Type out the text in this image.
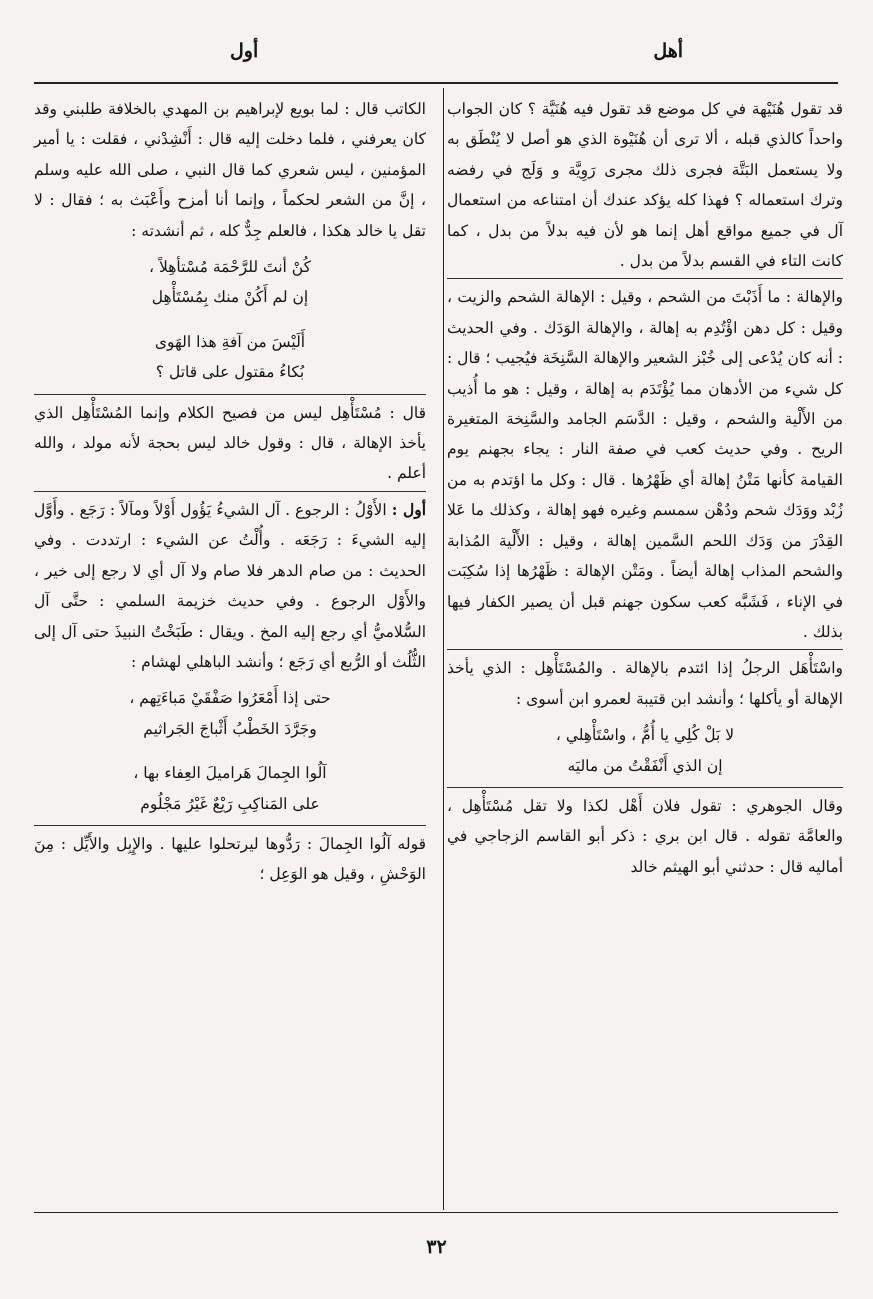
أهل
أول

قد تقول هُنَيْهة في كل موضع قد تقول فيه هُنَيَّة ؟ كان الجواب واحداً كالذي قبله ، ألا ترى أن هُنَيْوة الذي هو أصل لا يُنْطَق به ولا يستعمل البَتَّة فجرى ذلك مجرى رَوِيَّة و وَلَج في رفضه وترك استعماله ؟ فهذا كله يؤكد عندك أن امتناعه من استعمال آل في جميع مواقع أهل إنما هو لأن فيه بدلاً من بدل ، كما كانت التاء في القسم بدلاً من بدل .

والإهالة : ما أَذَبْتَ من الشحم ، وقيل : الإهالة الشحم والزيت ، وقيل : كل دهن اؤْتُدِم به إهالة ، والإهالة الوَدَك . وفي الحديث : أنه كان يُدْعى إلى خُبْز الشعير والإهالة السَّنِخَة فيُجيب ؛ قال : كل شيء من الأدهان مما يُؤْتَدَم به إهالة ، وقيل : هو ما أُذيب من الأَلْية والشحم ، وقيل : الدَّسَم الجامد والسَّنِخة المتغيرة الريح . وفي حديث كعب في صفة النار : يجاء بجهنم يوم القيامة كأنها مَتْنُ إهالة أي ظَهْرُها . قال : وكل ما اؤتدم به من زُبْد ووَدَك شحم ودُهْن سمسم وغيره فهو إهالة ، وكذلك ما عَلا القِدْرَ من وَدَك اللحم السَّمين إهالة ، وقيل : الأَلْية المُذابة والشحم المذاب إهالة أيضاً . ومَتْن الإهالة : ظَهْرُها إذا سُكِبَت في الإناء ، فَشَبَّه كعب سكون جهنم قبل أن يصير الكفار فيها بذلك .

واسْتَأْهَل الرجلُ إذا ائتدم بالإهالة . والمُسْتَأْهِل : الذي يأخذ الإهالة أو يأكلها ؛ وأنشد ابن قتيبة لعمرو ابن أسوى :

لا بَلْ كُلِي يا أُمُّ ، واسْتَأْهِلي ،
إن الذي أَنْفَقْتُ من ماليَه

وقال الجوهري : تقول فلان أَهْل لكذا ولا تقل مُسْتَأْهِل ، والعامَّة تقوله . قال ابن بري : ذكر أبو القاسم الزجاجي في أماليه قال : حدثني أبو الهيثم خالد

الكاتب قال : لما بويع لإبراهيم بن المهدي بالخلافة طلبني وقد كان يعرفني ، فلما دخلت إليه قال : أَنْشِدْني ، فقلت : يا أمير المؤمنين ، ليس شعري كما قال النبي ، صلى الله عليه وسلم ، إنَّ من الشعر لحكماً ، وإنما أنا أمزح وأَعْبَث به ؛ فقال : لا تقل يا خالد هكذا ، فالعلم جِدٌّ كله ، ثم أنشدته :

كُنْ أنتَ للرَّحْمَة مُسْتأهِلاً ،
إن لم أَكُنْ منك بِمُسْتَأْهِل
أَلَيْسَ من آفةِ هذا الهَوى
بُكاءُ مقتول على قاتل ؟

قال : مُسْتَأْهِل ليس من فصيح الكلام وإنما المُسْتَأْهِل الذي يأخذ الإهالة ، قال : وقول خالد ليس بحجة لأنه مولد ، والله أعلم .

أول : الأَوْلُ : الرجوع . آل الشيءُ يَؤُول أَوْلاً ومآلاً : رَجَع . وأَوَّل إليه الشيءَ : رَجَعَه . وأُلْتُ عن الشيء : ارتددت . وفي الحديث : من صام الدهر فلا صام ولا آل أي لا رجع إلى خير ، والأَوْل الرجوع . وفي حديث خزيمة السلمي : حتَّى آل السُّلاميُّ أي رجع إليه المخ . ويقال : طَبَخْتُ النبيذَ حتى آل إلى الثُّلُث أو الرُّبع أي رَجَع ؛ وأنشد الباهلي لهشام :

حتى إذا أَمْعَرُوا صَفْقَيْ مَباءَتِهم ،
وجَرَّدَ الخَطْبُ أَثْباجَ الجَراثيم
آلُوا الجِمالَ هَراميلَ العِفاء بها ،
على المَناكِبِ رَيْعٌ غَيْرُ مَجْلُوم

قوله آلُوا الجِمالَ : رَدُّوها ليرتحلوا عليها . والإِبِل والأَيِّل : مِنَ الوَحْشِ ، وقيل هو الوَعِل ؛

٣٢
